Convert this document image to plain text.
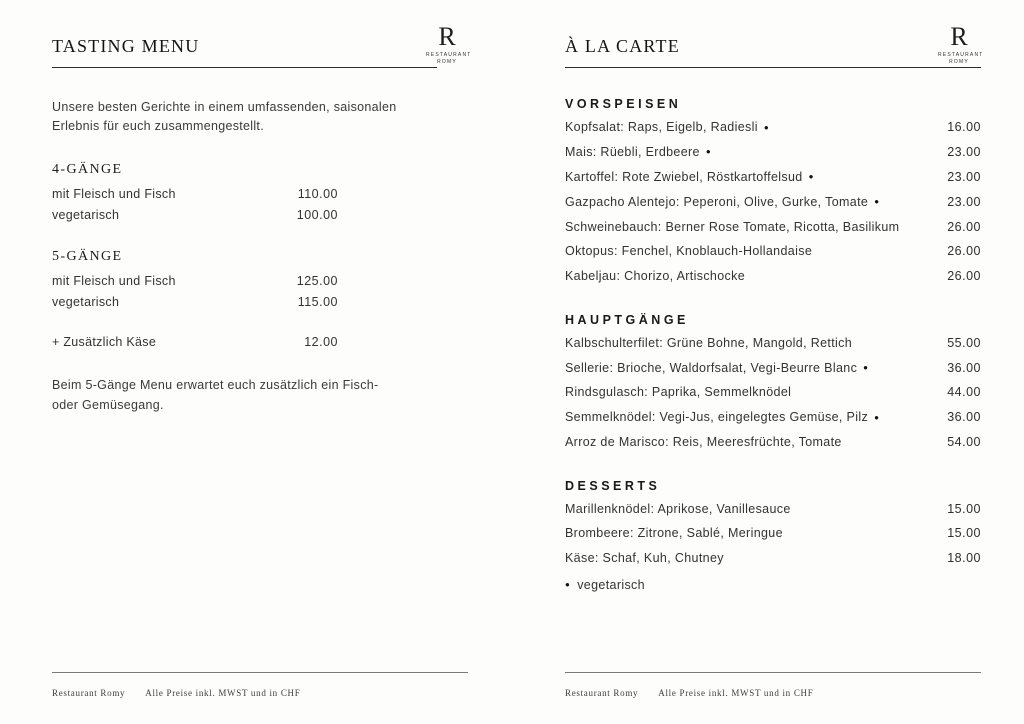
R
RESTAURANT
ROMY
TASTING MENU

Unsere besten Gerichte in einem umfassenden, saisonalen Erlebnis für euch zusammengestellt.

4-GÄNGE
mit Fleisch und Fisch	110.00
vegetarisch	100.00
5-GÄNGE
mit Fleisch und Fisch	125.00
vegetarisch	115.00
+ Zusätzlich Käse	12.00

Beim 5-Gänge Menu erwartet euch zusätzlich ein Fisch- oder Gemüsegang.

Restaurant Romy Alle Preise inkl. MWST und in CHF
R
RESTAURANT
ROMY
À LA CARTE
VORSPEISEN
Kopfsalat: Raps, Eigelb, Radiesli ●	16.00
Mais: Rüebli, Erdbeere ●	23.00
Kartoffel: Rote Zwiebel, Röstkartoffelsud ●	23.00
Gazpacho Alentejo: Peperoni, Olive, Gurke, Tomate ●	23.00
Schweinebauch: Berner Rose Tomate, Ricotta, Basilikum	26.00
Oktopus: Fenchel, Knoblauch-Hollandaise	26.00
Kabeljau: Chorizo, Artischocke	26.00
HAUPTGÄNGE
Kalbschulterfilet: Grüne Bohne, Mangold, Rettich	55.00
Sellerie: Brioche, Waldorfsalat, Vegi-Beurre Blanc ●	36.00
Rindsgulasch: Paprika, Semmelknödel	44.00
Semmelknödel: Vegi-Jus, eingelegtes Gemüse, Pilz ●	36.00
Arroz de Marisco: Reis, Meeresfrüchte, Tomate	54.00
DESSERTS
Marillenknödel: Aprikose, Vanillesauce	15.00
Brombeere: Zitrone, Sablé, Meringue	15.00
Käse: Schaf, Kuh, Chutney	18.00
● vegetarisch
Restaurant Romy Alle Preise inkl. MWST und in CHF
